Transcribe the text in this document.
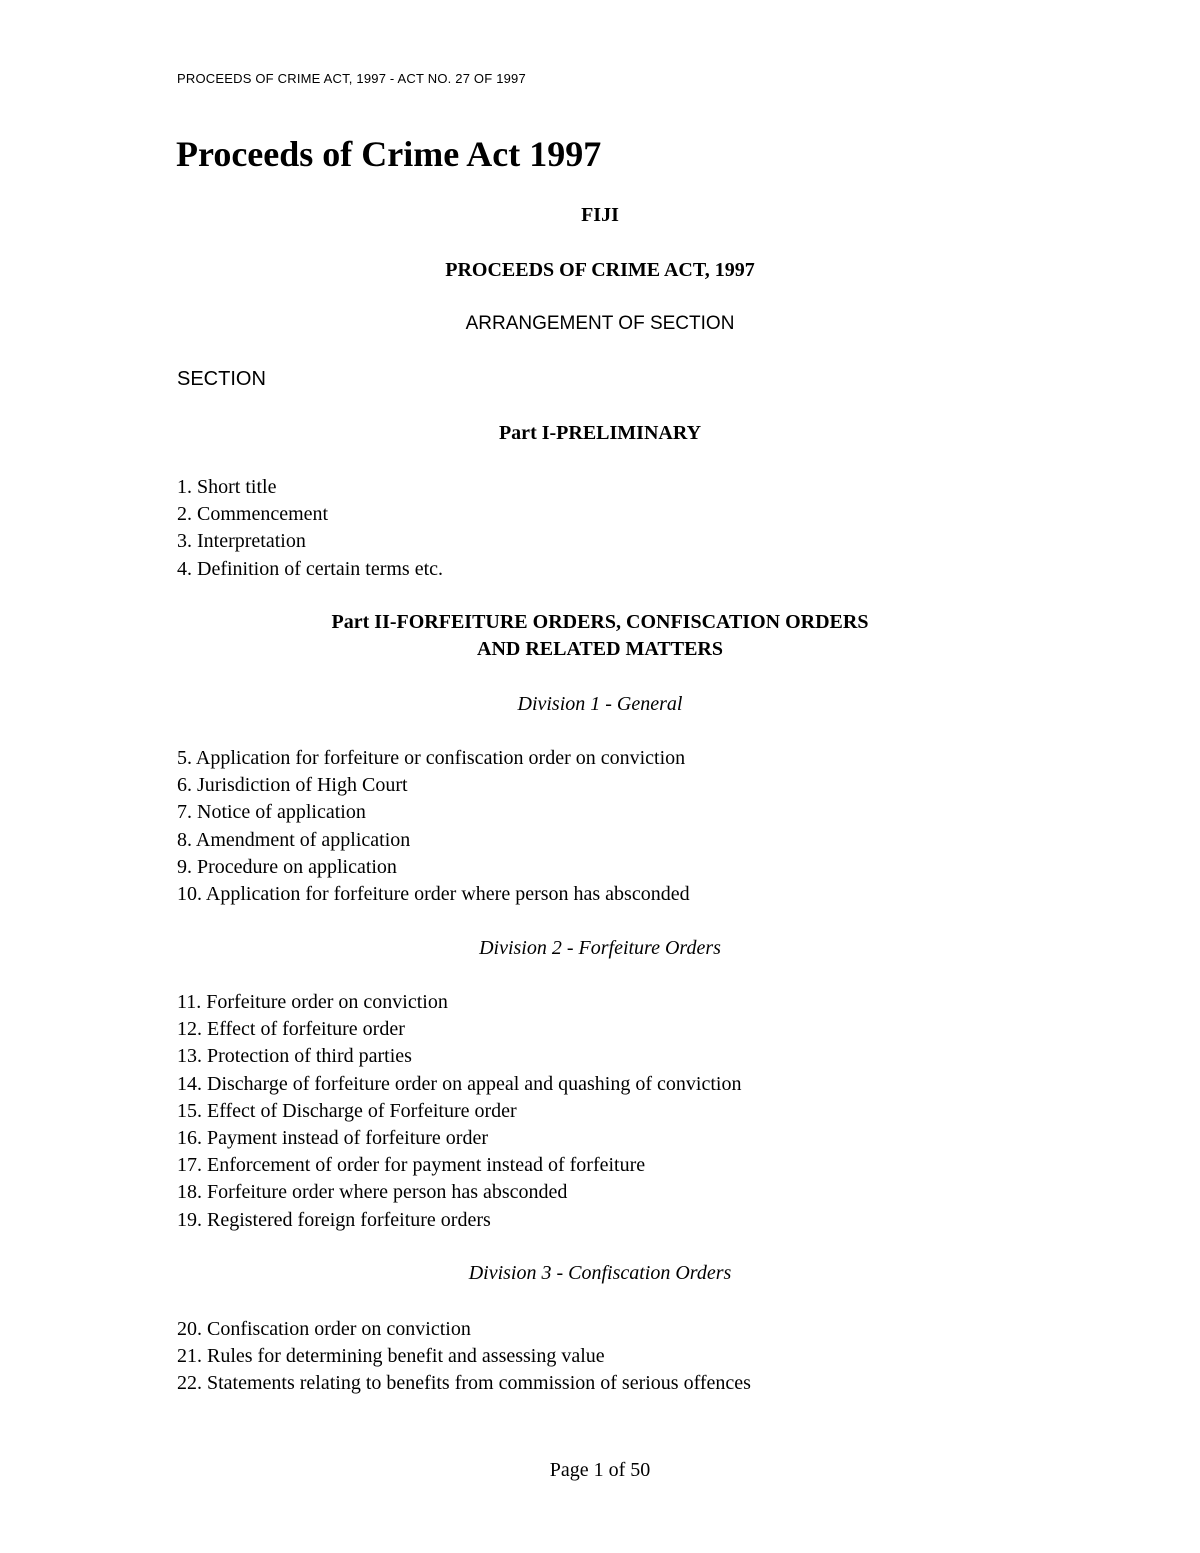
PROCEEDS OF CRIME ACT, 1997 - ACT NO. 27 OF 1997
Proceeds of Crime Act 1997
FIJI
PROCEEDS OF CRIME ACT, 1997
ARRANGEMENT OF SECTION
SECTION
Part I-PRELIMINARY
1. Short title
2. Commencement
3. Interpretation
4. Definition of certain terms etc.
Part II-FORFEITURE ORDERS, CONFISCATION ORDERS
AND RELATED MATTERS
Division 1 - General
5. Application for forfeiture or confiscation order on conviction
6. Jurisdiction of High Court
7. Notice of application
8. Amendment of application
9. Procedure on application
10. Application for forfeiture order where person has absconded
Division 2 - Forfeiture Orders
11. Forfeiture order on conviction
12. Effect of forfeiture order
13. Protection of third parties
14. Discharge of forfeiture order on appeal and quashing of conviction
15. Effect of Discharge of Forfeiture order
16. Payment instead of forfeiture order
17. Enforcement of order for payment instead of forfeiture
18. Forfeiture order where person has absconded
19. Registered foreign forfeiture orders
Division 3 - Confiscation Orders
20. Confiscation order on conviction
21. Rules for determining benefit and assessing value
22. Statements relating to benefits from commission of serious offences
Page 1 of 50
